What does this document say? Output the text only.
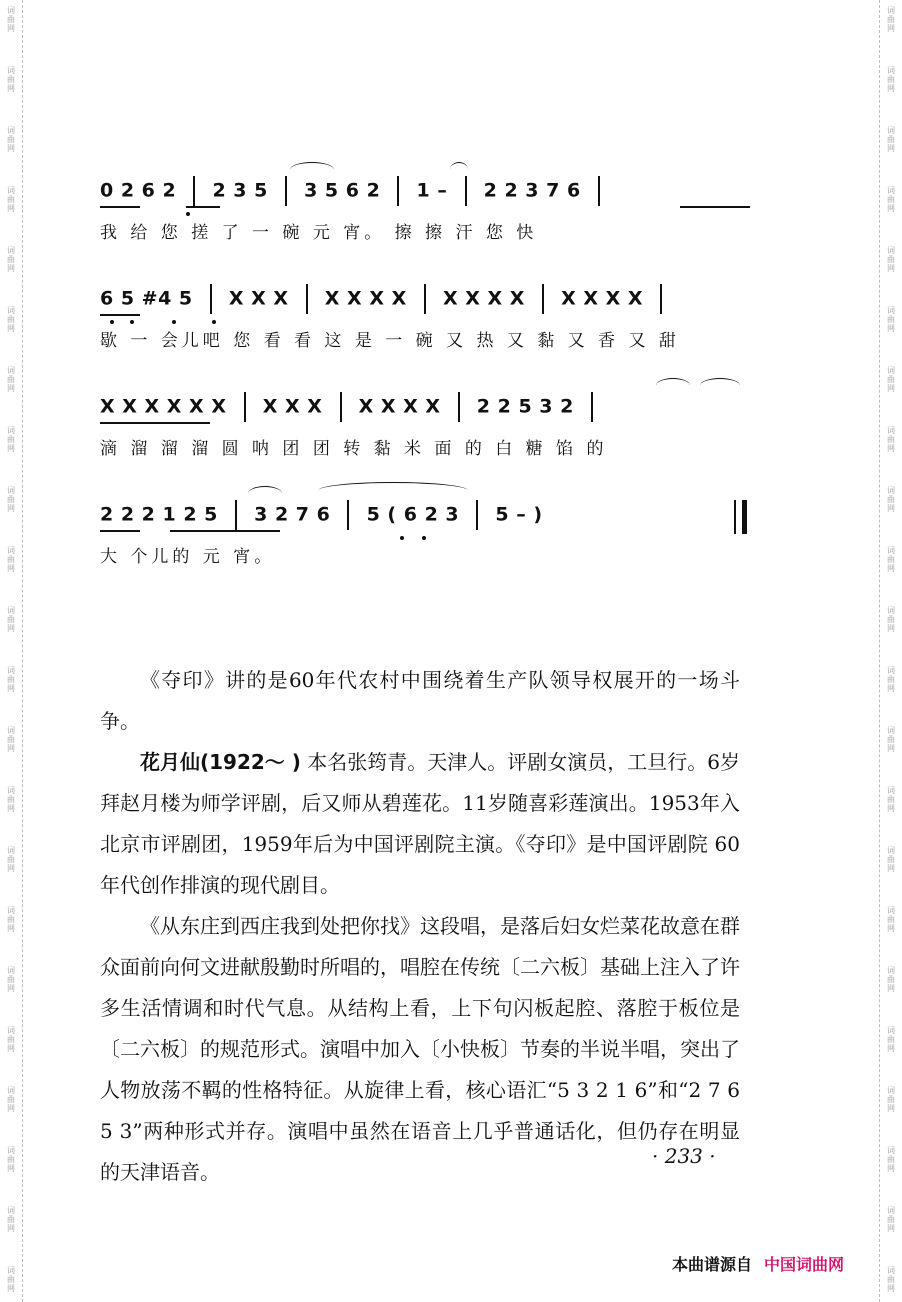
词
曲
网
词
曲
网
词
曲
网
词
曲
网
词
曲
网
词
曲
网
词
曲
网
词
曲
网
词
曲
网
词
曲
网
词
曲
网
词
曲
网
词
曲
网
词
曲
网
词
曲
网
词
曲
网
词
曲
网
词
曲
网
词
曲
网
词
曲
网
词
曲
网
词
曲
网
词
曲
网
词
曲
网
词
曲
网
词
曲
网
词
曲
网
词
曲
网
词
曲
网
词
曲
网
词
曲
网
词
曲
网
词
曲
网
词
曲
网
词
曲
网
词
曲
网
词
曲
网
词
曲
网
词
曲
网
词
曲
网
词
曲
网
词
曲
网
词
曲
网
词
曲
网
0 2 6 2  2 3 5  3 5 6 2  1 –  2 2 3 7 6
我 给 您 搓 了 一 碗 元 宵。 擦 擦 汗 您 快
6 5 #4 5  X X X  X X X X  X X X X  X X X X
歇 一 会儿吧 您 看 看 这 是 一 碗 又 热 又 黏 又 香 又 甜
X X X X X X  X X X  X X X X  2 2 5 3 2
滴 溜 溜 溜 圆 呐 团 团 转 黏 米 面 的 白 糖 馅 的
2 2 2 1 2 5  3 2 7 6  5 ( 6 2 3  5 – )
大 个儿的 元 宵。

《夺印》讲的是60年代农村中围绕着生产队领导权展开的一场斗争。

花月仙(1922～ ) 本名张筠青。天津人。评剧女演员，工旦行。6岁拜赵月楼为师学评剧，后又师从碧莲花。11岁随喜彩莲演出。1953年入北京市评剧团，1959年后为中国评剧院主演。《夺印》是中国评剧院 60 年代创作排演的现代剧目。

《从东庄到西庄我到处把你找》这段唱，是落后妇女烂菜花故意在群众面前向何文进献殷勤时所唱的，唱腔在传统〔二六板〕基础上注入了许多生活情调和时代气息。从结构上看，上下句闪板起腔、落腔于板位是〔二六板〕的规范形式。演唱中加入〔小快板〕节奏的半说半唱，突出了人物放荡不羁的性格特征。从旋律上看，核心语汇“5 3 2 1 6”和“2 7 6 5 3”两种形式并存。演唱中虽然在语音上几乎普通话化，但仍存在明显的天津语音。

· 233 ·
本曲谱源自 中国词曲网
